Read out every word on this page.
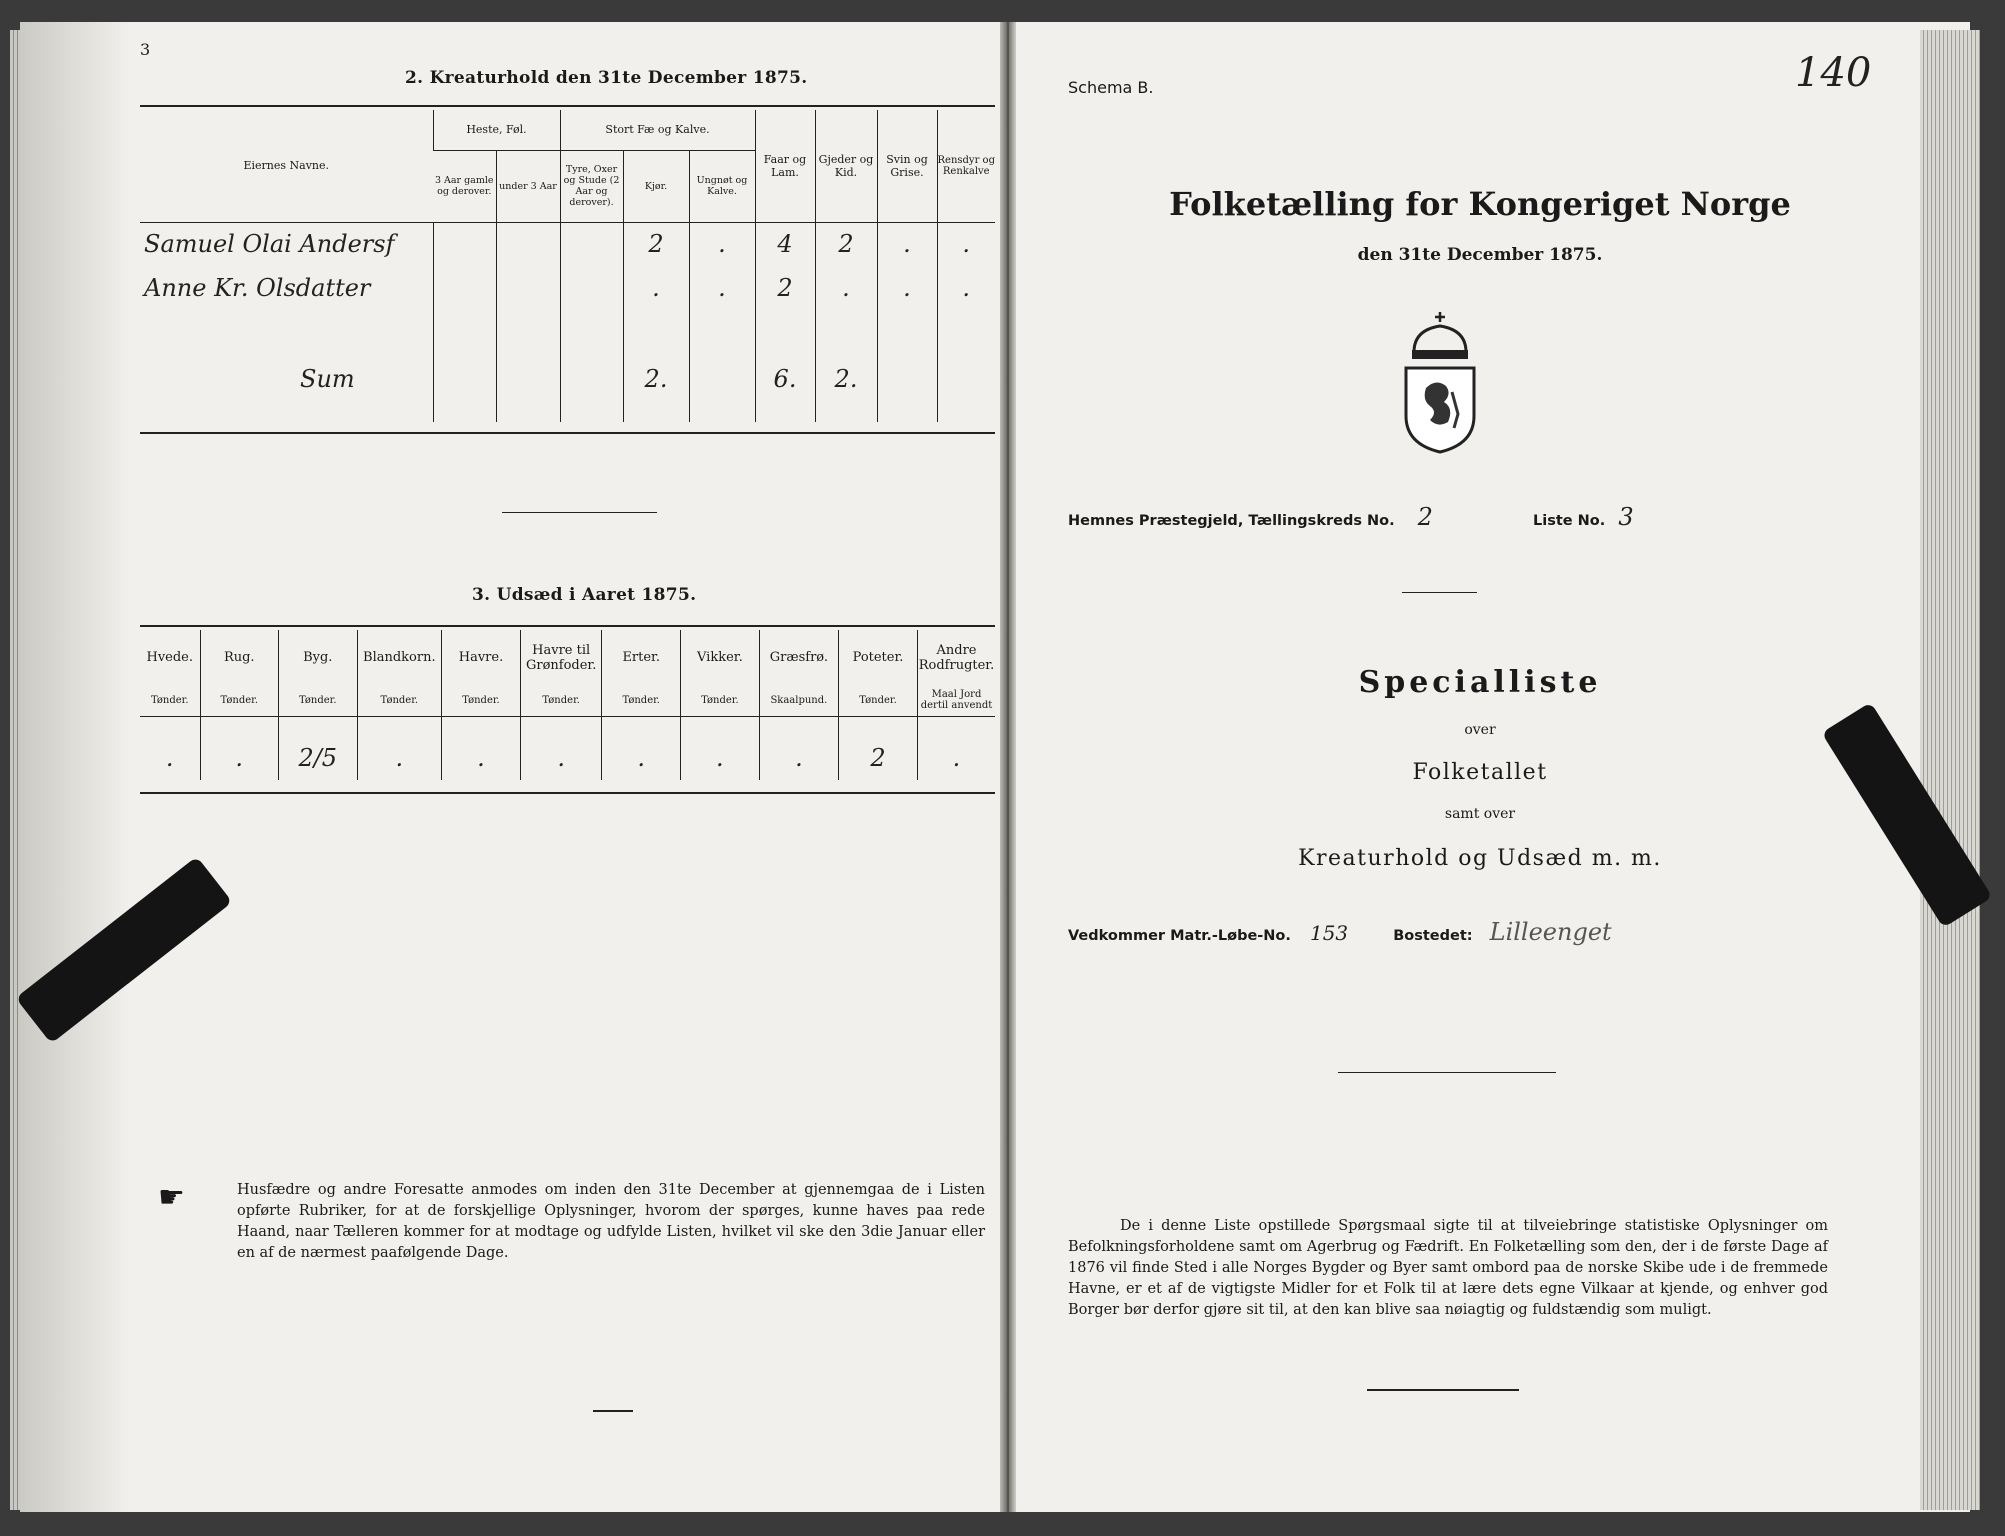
3
2. Kreaturhold den 31te December 1875.
Eiernes Navne.	Heste, Føl.		Stort Fæ og Kalve.			Faar og Lam.	Gjeder og Kid.	Svin og Grise.	Rensdyr og Renkalve
	3 Aar gamle og derover.	under 3 Aar	Tyre, Oxer og Stude (2 Aar og derover).	Kjør.	Ungnøt og Kalve.				
Samuel Olai Andersf				2	.	4	2	.	.
Anne Kr. Olsdatter				.	.	2	.	.	.

Sum				2.		6.	2.		
3. Udsæd i Aaret 1875.
Hvede.	Rug.	Byg.	Blandkorn.	Havre.	Havre til Grønfoder.	Erter.	Vikker.	Græsfrø.	Poteter.	Andre Rodfrugter.
Tønder.	Tønder.	Tønder.	Tønder.	Tønder.	Tønder.	Tønder.	Tønder.	Skaalpund.	Tønder.	Maal Jord dertil anvendt

.	.	2/5	.	.	.	.	.	.	2	.
☛	Husfædre og andre Foresatte anmodes om inden den 31te December at gjennemgaa de i Listen opførte Rubriker, for at de forskjellige Oplysninger, hvorom der spørges, kunne haves paa rede Haand, naar Tælleren kommer for at modtage og udfylde Listen, hvilket vil ske den 3die Januar eller en af de nærmest paafølgende Dage.
Schema B.	140
Folketælling for Kongeriget Norge
den 31te December 1875.
Hemnes Præstegjeld, Tællingskreds No. 2	Liste No. 3
Specialliste
over
Folketallet
samt over
Kreaturhold og Udsæd m. m.
Vedkommer Matr.-Løbe-No. 153	Bostedet: Lilleenget
De i denne Liste opstillede Spørgsmaal sigte til at tilveiebringe statistiske Oplysninger om Befolkningsforholdene samt om Agerbrug og Fædrift. En Folketælling som den, der i de første Dage af 1876 vil finde Sted i alle Norges Bygder og Byer samt ombord paa de norske Skibe ude i de fremmede Havne, er et af de vigtigste Midler for et Folk til at lære dets egne Vilkaar at kjende, og enhver god Borger bør derfor gjøre sit til, at den kan blive saa nøiagtig og fuldstændig som muligt.
